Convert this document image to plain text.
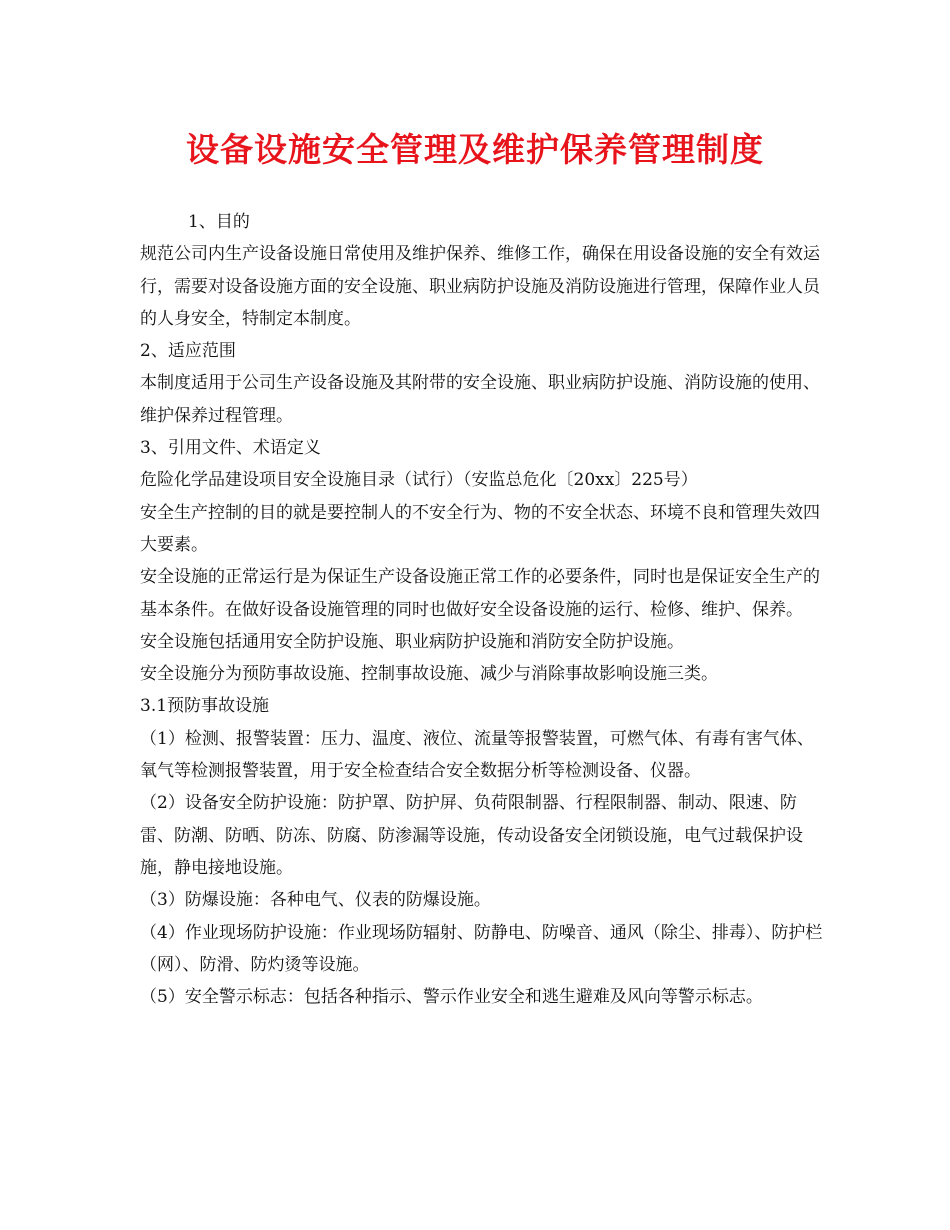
设备设施安全管理及维护保养管理制度

1、目的

规范公司内生产设备设施日常使用及维护保养、维修工作，确保在用设备设施的安全有效运行，需要对设备设施方面的安全设施、职业病防护设施及消防设施进行管理，保障作业人员的人身安全，特制定本制度。

2、适应范围

本制度适用于公司生产设备设施及其附带的安全设施、职业病防护设施、消防设施的使用、维护保养过程管理。

3、引用文件、术语定义

危险化学品建设项目安全设施目录（试行）（安监总危化〔20xx〕225号）

安全生产控制的目的就是要控制人的不安全行为、物的不安全状态、环境不良和管理失效四大要素。

安全设施的正常运行是为保证生产设备设施正常工作的必要条件，同时也是保证安全生产的基本条件。在做好设备设施管理的同时也做好安全设备设施的运行、检修、维护、保养。

安全设施包括通用安全防护设施、职业病防护设施和消防安全防护设施。

安全设施分为预防事故设施、控制事故设施、减少与消除事故影响设施三类。

3.1预防事故设施

（1）检测、报警装置：压力、温度、液位、流量等报警装置，可燃气体、有毒有害气体、氧气等检测报警装置，用于安全检查结合安全数据分析等检测设备、仪器。

（2）设备安全防护设施：防护罩、防护屏、负荷限制器、行程限制器、制动、限速、防雷、防潮、防晒、防冻、防腐、防渗漏等设施，传动设备安全闭锁设施，电气过载保护设施，静电接地设施。

（3）防爆设施：各种电气、仪表的防爆设施。

（4）作业现场防护设施：作业现场防辐射、防静电、防噪音、通风（除尘、排毒）、防护栏（网）、防滑、防灼烫等设施。

（5）安全警示标志：包括各种指示、警示作业安全和逃生避难及风向等警示标志。
